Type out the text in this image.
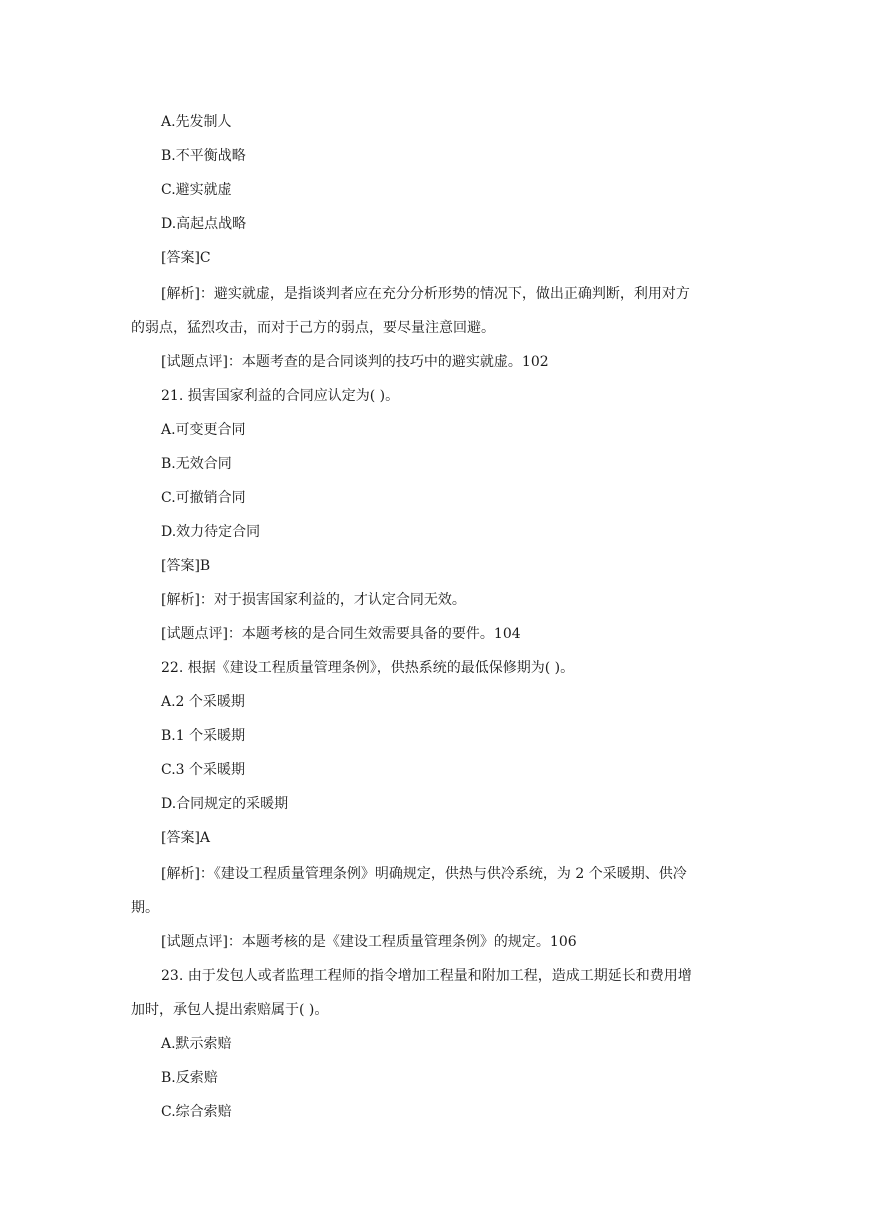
A.先发制人
B.不平衡战略
C.避实就虚
D.高起点战略
[答案]C
[解析]：避实就虚，是指谈判者应在充分分析形势的情况下，做出正确判断，利用对方
的弱点，猛烈攻击，而对于己方的弱点，要尽量注意回避。
[试题点评]：本题考查的是合同谈判的技巧中的避实就虚。102
21. 损害国家利益的合同应认定为( )。
A.可变更合同
B.无效合同
C.可撤销合同
D.效力待定合同
[答案]B
[解析]：对于损害国家利益的，才认定合同无效。
[试题点评]：本题考核的是合同生效需要具备的要件。104
22. 根据《建设工程质量管理条例》，供热系统的最低保修期为( )。
A.2 个采暖期
B.1 个采暖期
C.3 个采暖期
D.合同规定的采暖期
[答案]A
[解析]：《建设工程质量管理条例》明确规定，供热与供冷系统，为 2 个采暖期、供冷
期。
[试题点评]：本题考核的是《建设工程质量管理条例》的规定。106
23. 由于发包人或者监理工程师的指令增加工程量和附加工程，造成工期延长和费用增
加时，承包人提出索赔属于( )。
A.默示索赔
B.反索赔
C.综合索赔
